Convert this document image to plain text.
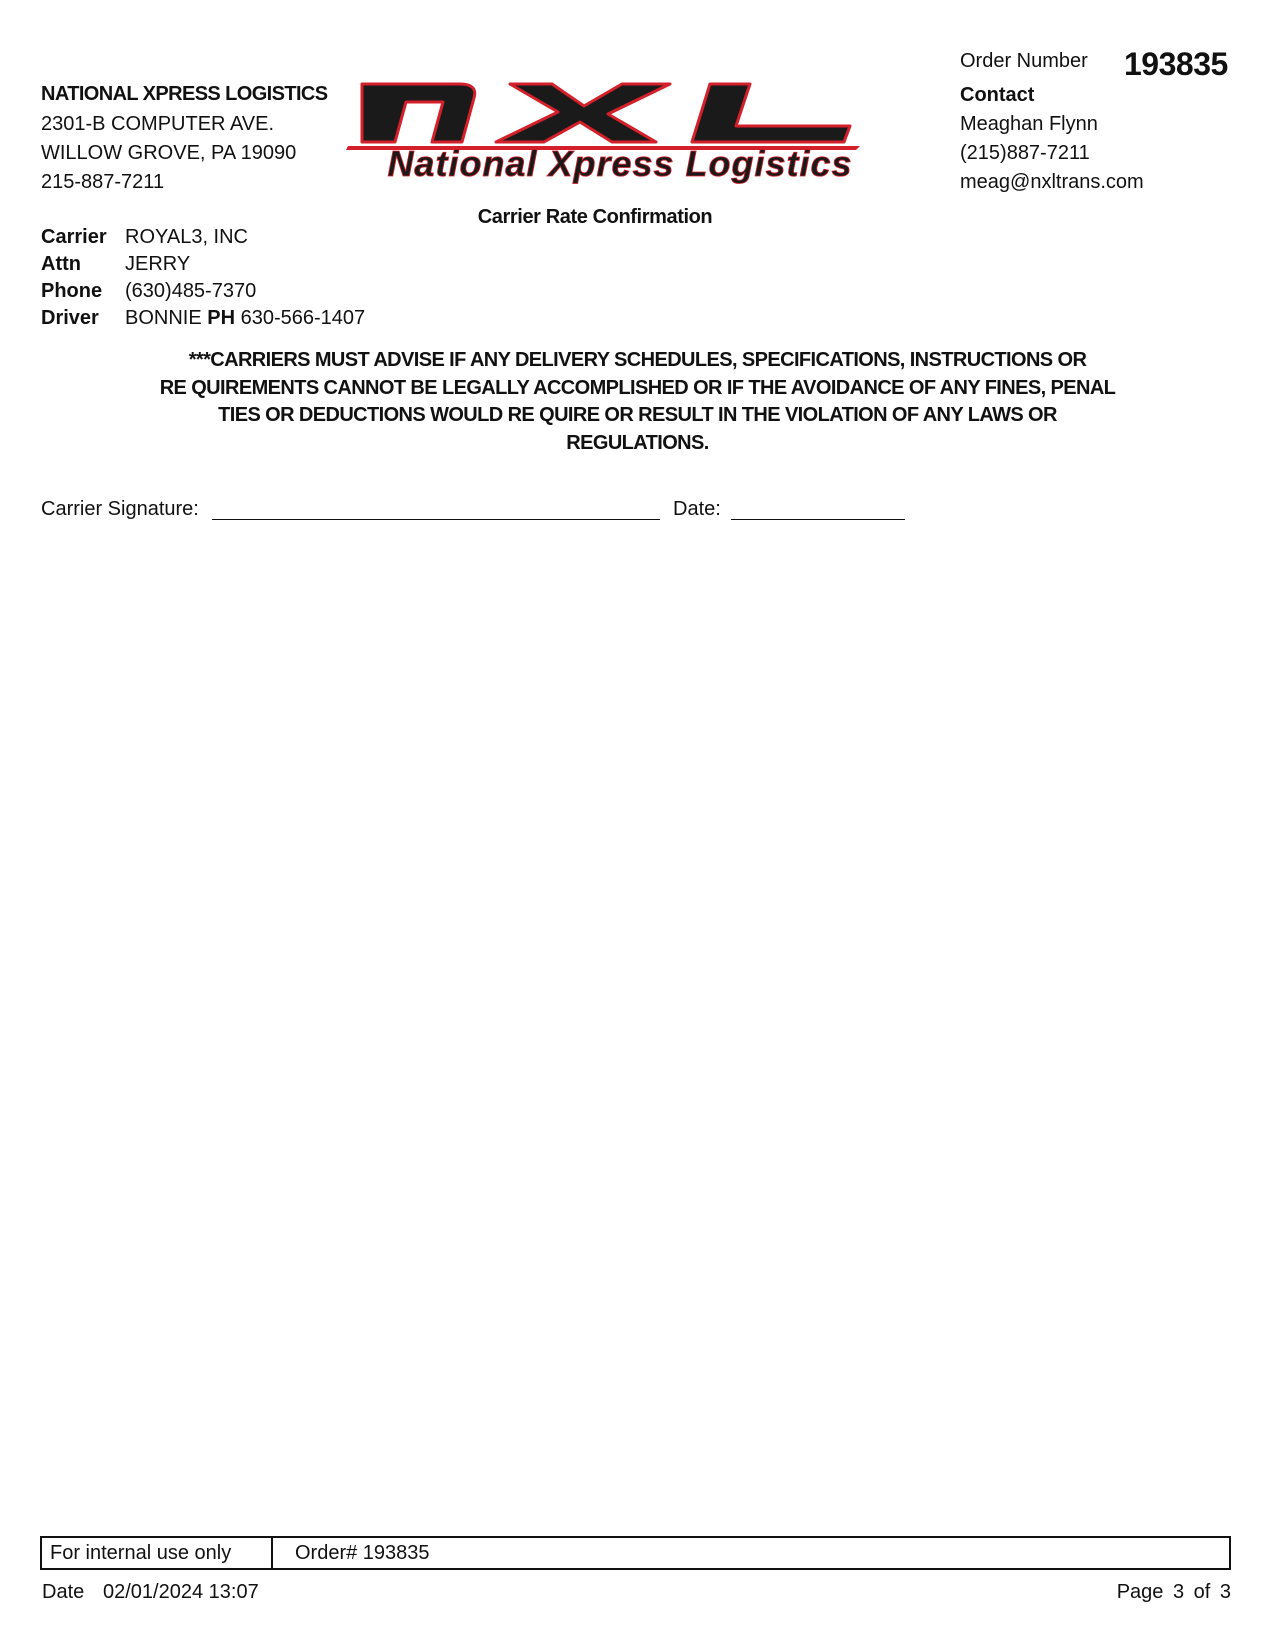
NATIONAL XPRESS LOGISTICS
2301-B COMPUTER AVE.
WILLOW GROVE, PA 19090
215-887-7211	National Xpress Logistics
Order Number 193835
Contact
Meaghan Flynn
(215)887-7211
meag@nxltrans.com
Carrier Rate Confirmation
Carrier ROYAL3, INC
Attn JERRY
Phone (630)485-7370
Driver BONNIE PH 630-566-1407
***CARRIERS MUST ADVISE IF ANY DELIVERY SCHEDULES, SPECIFICATIONS, INSTRUCTIONS OR
RE QUIREMENTS CANNOT BE LEGALLY ACCOMPLISHED OR IF THE AVOIDANCE OF ANY FINES, PENAL
TIES OR DEDUCTIONS WOULD RE QUIRE OR RESULT IN THE VIOLATION OF ANY LAWS OR
REGULATIONS.
Carrier Signature:	Date:
For internal use only	Order# 193835
Date 02/01/2024 13:07	Page 3 of 3
